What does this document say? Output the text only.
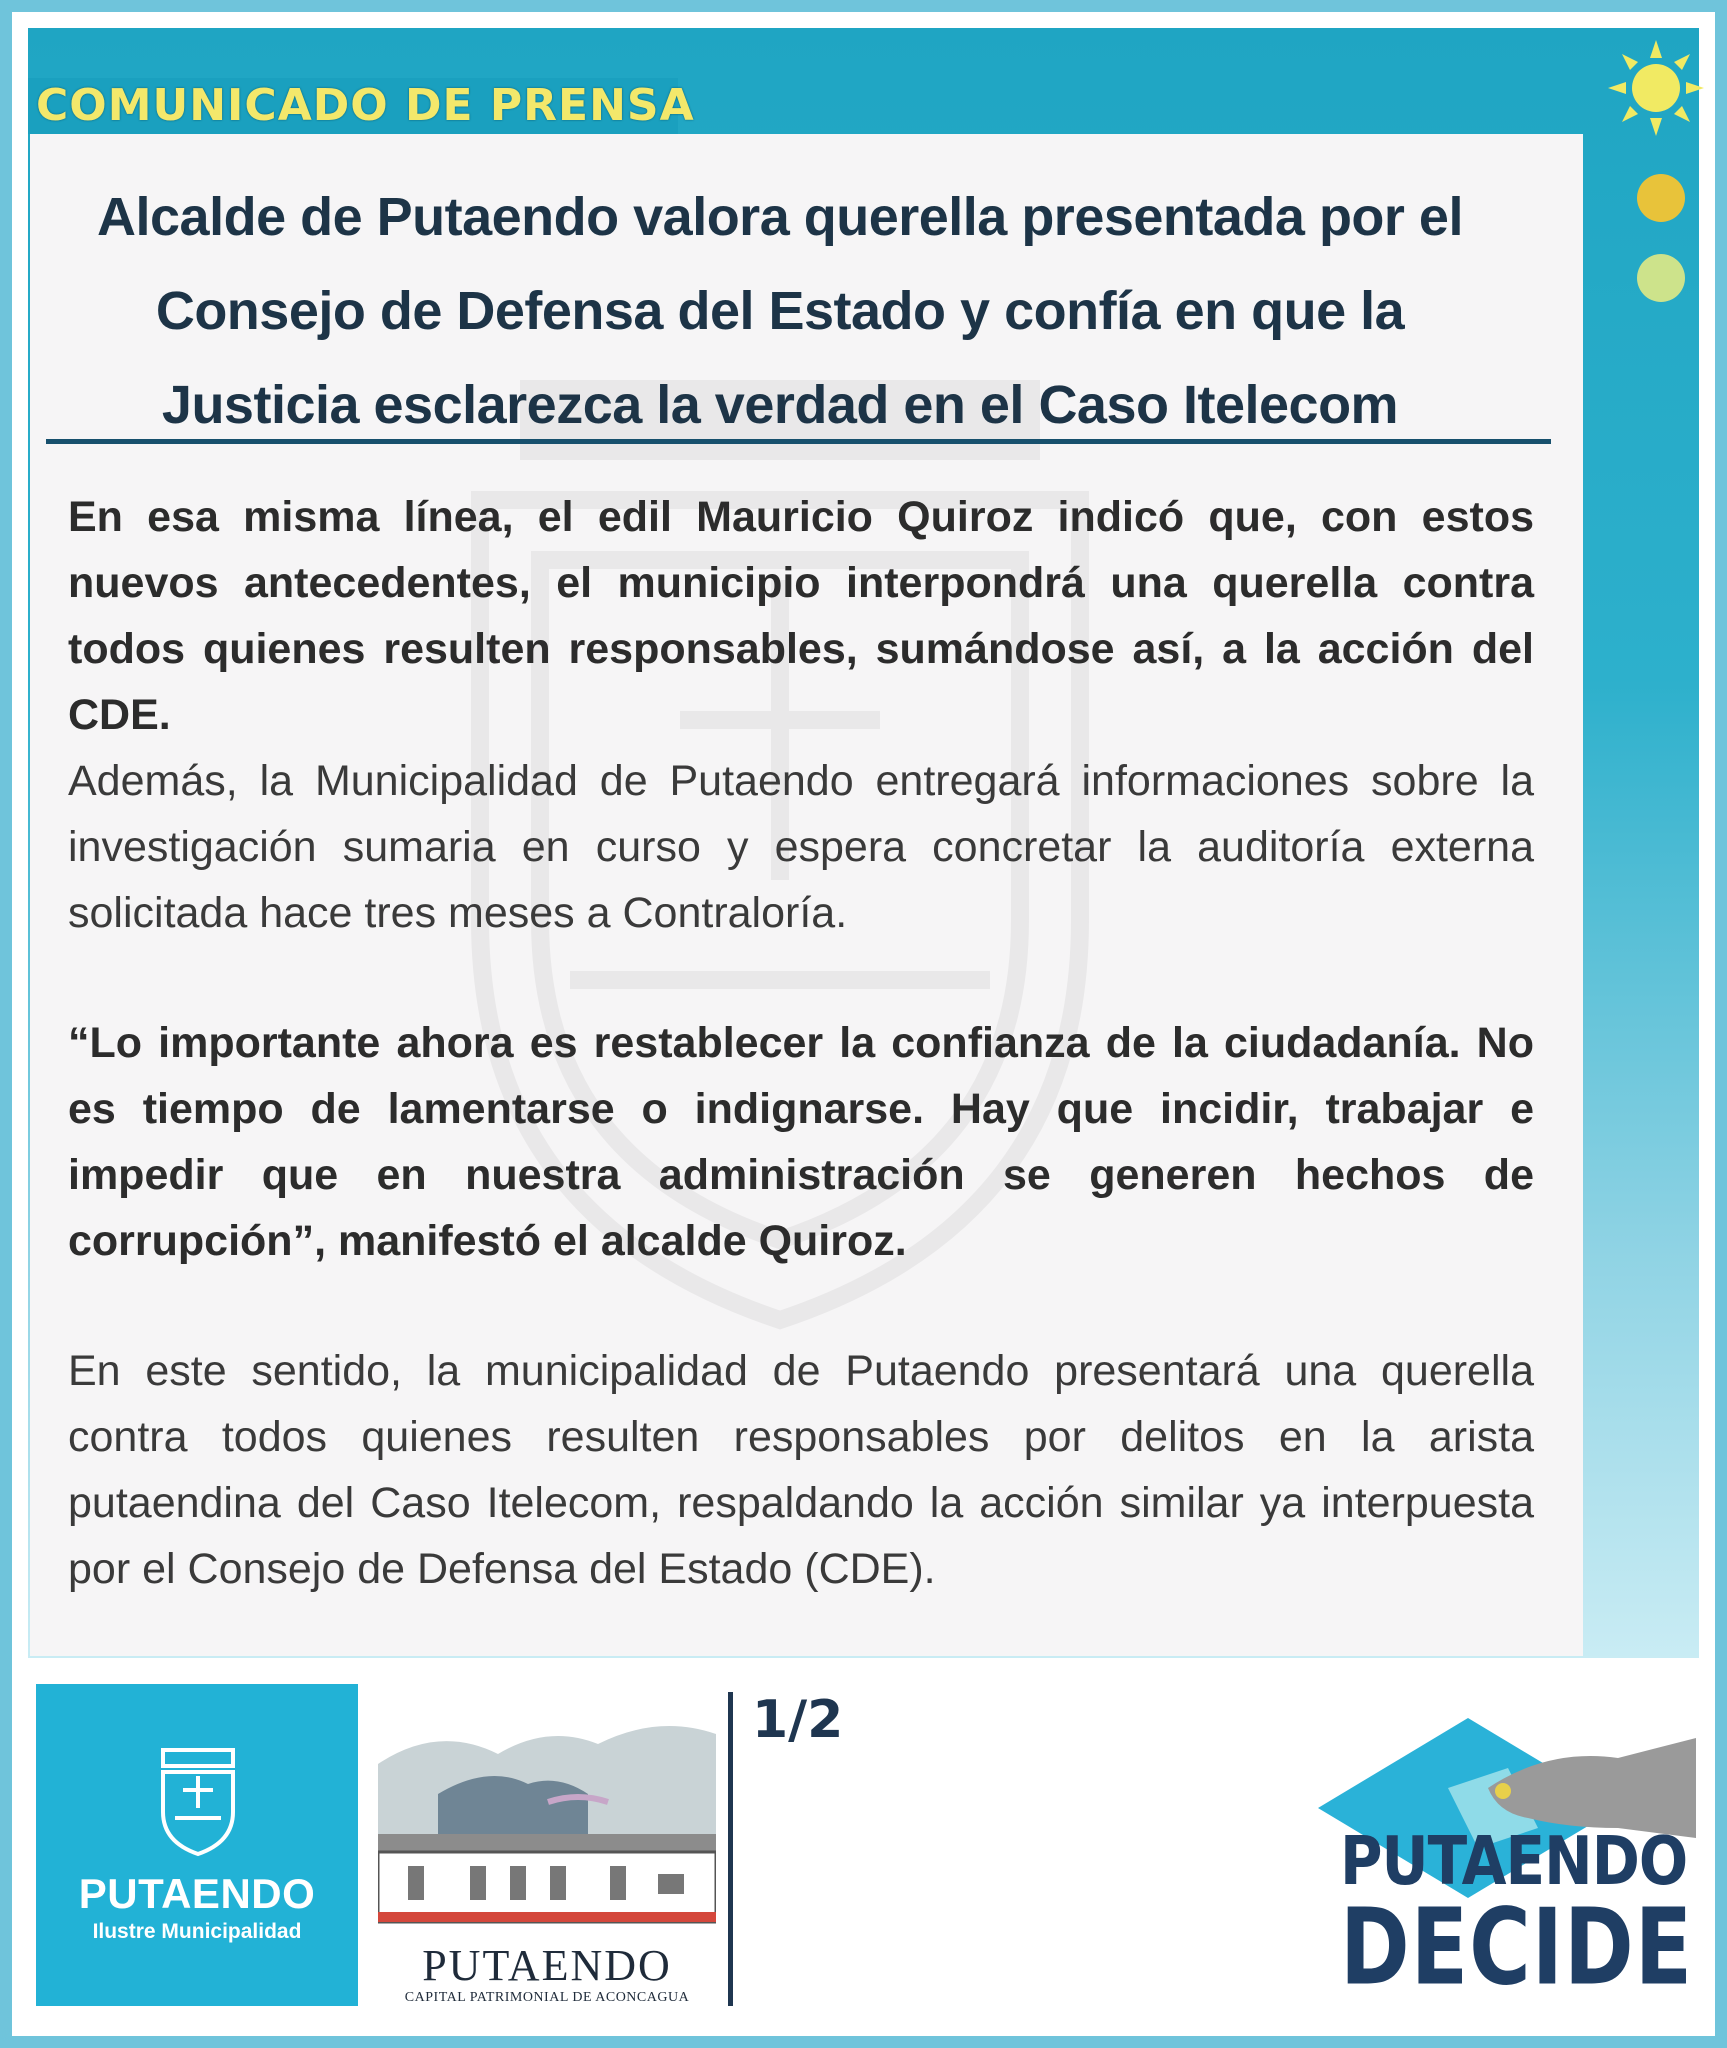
COMUNICADO DE PRENSA
Alcalde de Putaendo valora querella presentada por el Consejo de Defensa del Estado y confía en que la Justicia esclarezca la verdad en el Caso Itelecom
En esa misma línea, el edil Mauricio Quiroz indicó que, con estos nuevos antecedentes, el municipio interpondrá una querella contra todos quienes resulten responsables, sumándose así, a la acción del CDE.
Además, la Municipalidad de Putaendo entregará informaciones sobre la investigación sumaria en curso y espera concretar la auditoría externa solicitada hace tres meses a Contraloría.
“Lo importante ahora es restablecer la confianza de la ciudadanía. No es tiempo de lamentarse o indignarse. Hay que incidir, trabajar e impedir que en nuestra administración se generen hechos de corrupción”, manifestó el alcalde Quiroz.
En este sentido, la municipalidad de Putaendo presentará una querella contra todos quienes resulten responsables por delitos en la arista putaendina del Caso Itelecom, respaldando la acción similar ya interpuesta por el Consejo de Defensa del Estado (CDE).
PUTAENDO
Ilustre Municipalidad
PUTAENDO
CAPITAL PATRIMONIAL DE ACONCAGUA
1/2
PUTAENDO
DECIDE
